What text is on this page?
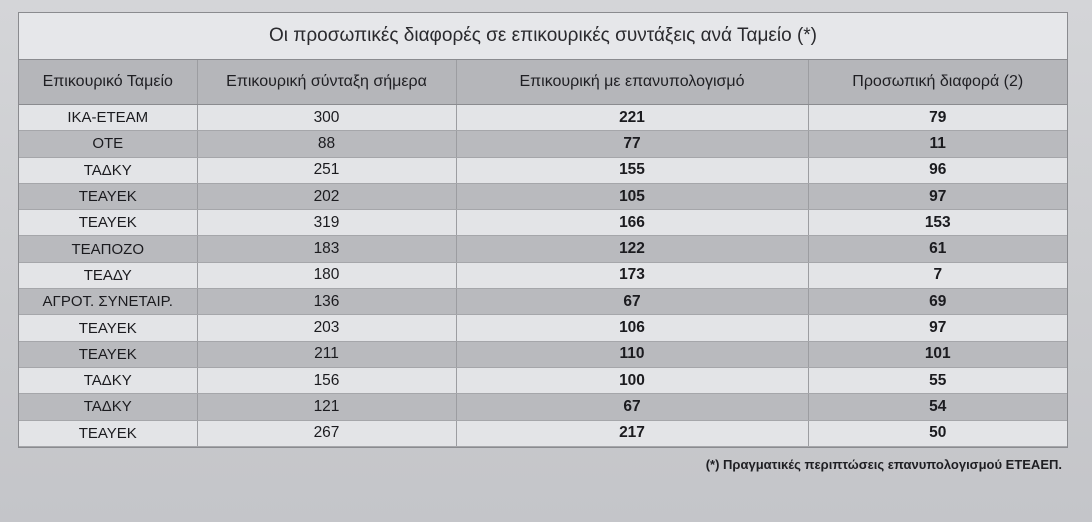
Οι προσωπικές διαφορές σε επικουρικές συντάξεις ανά Ταμείο (*)
Επικουρικό Ταμείο	Επικουρική σύνταξη σήμερα	Επικουρική με επανυπολογισμό	Προσωπική διαφορά (2)
ΙΚΑ-ΕΤΕΑΜ	300	221	79
ΟΤΕ	88	77	11
ΤΑΔΚΥ	251	155	96
ΤΕΑΥΕΚ	202	105	97
ΤΕΑΥΕΚ	319	166	153
ΤΕΑΠΟΖΟ	183	122	61
ΤΕΑΔΥ	180	173	7
ΑΓΡΟΤ. ΣΥΝΕΤΑΙΡ.	136	67	69
ΤΕΑΥΕΚ	203	106	97
ΤΕΑΥΕΚ	211	110	101
ΤΑΔΚΥ	156	100	55
ΤΑΔΚΥ	121	67	54
ΤΕΑΥΕΚ	267	217	50
(*) Πραγματικές περιπτώσεις επανυπολογισμού ΕΤΕΑΕΠ.
